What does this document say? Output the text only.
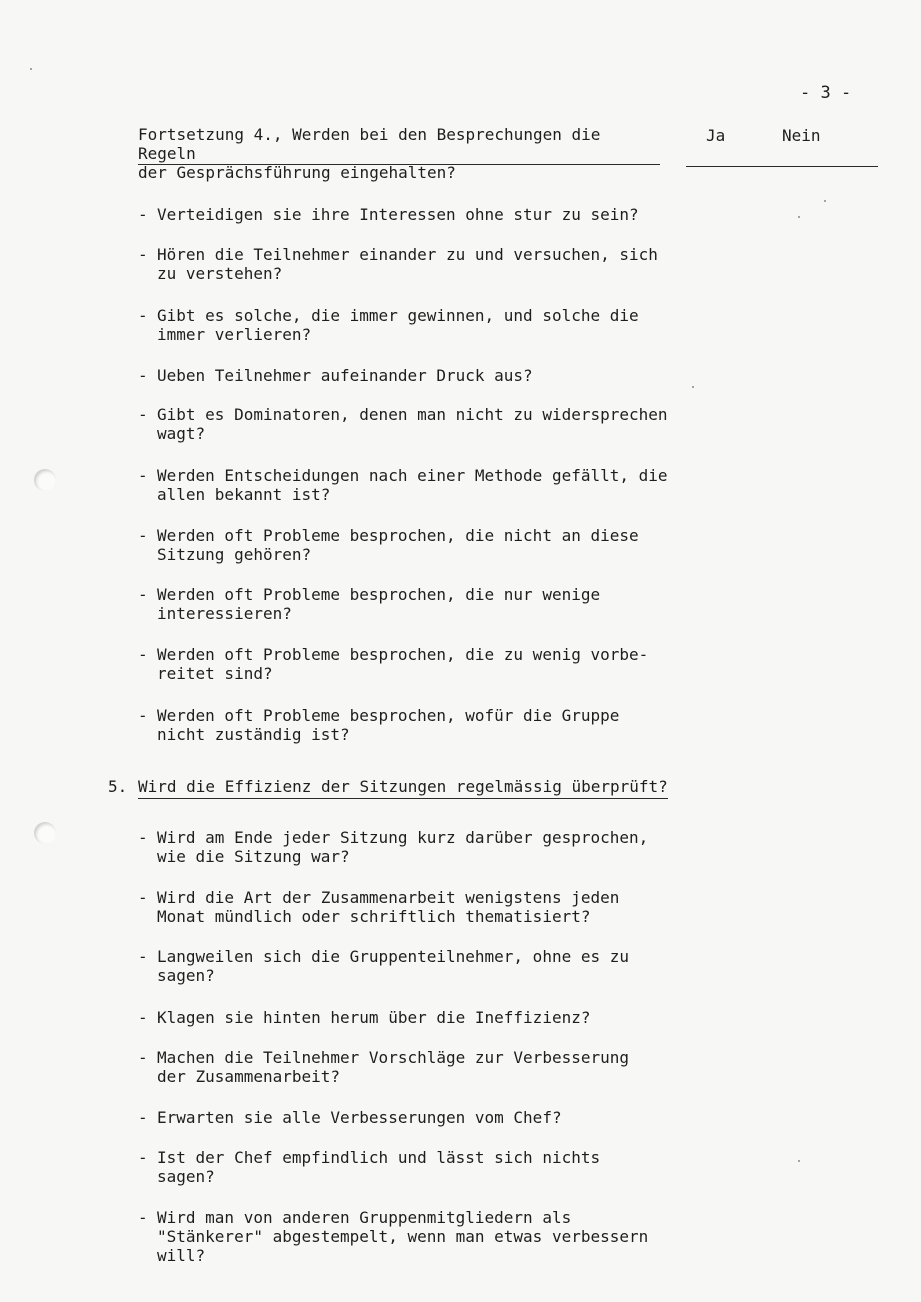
- 3 -
Fortsetzung 4., Werden bei den Besprechungen die Regeln
der Gesprächsführung eingehalten?
Ja	Nein
- Verteidigen sie ihre Interessen ohne stur zu sein?
- Hören die Teilnehmer einander zu und versuchen, sich
zu verstehen?
- Gibt es solche, die immer gewinnen, und solche die
immer verlieren?
- Ueben Teilnehmer aufeinander Druck aus?
- Gibt es Dominatoren, denen man nicht zu widersprechen
wagt?
- Werden Entscheidungen nach einer Methode gefällt, die
allen bekannt ist?
- Werden oft Probleme besprochen, die nicht an diese
Sitzung gehören?
- Werden oft Probleme besprochen, die nur wenige
interessieren?
- Werden oft Probleme besprochen, die zu wenig vorbe-
reitet sind?
- Werden oft Probleme besprochen, wofür die Gruppe
nicht zuständig ist?
5. Wird die Effizienz der Sitzungen regelmässig überprüft?
- Wird am Ende jeder Sitzung kurz darüber gesprochen,
wie die Sitzung war?
- Wird die Art der Zusammenarbeit wenigstens jeden
Monat mündlich oder schriftlich thematisiert?
- Langweilen sich die Gruppenteilnehmer, ohne es zu
sagen?
- Klagen sie hinten herum über die Ineffizienz?
- Machen die Teilnehmer Vorschläge zur Verbesserung
der Zusammenarbeit?
- Erwarten sie alle Verbesserungen vom Chef?
- Ist der Chef empfindlich und lässt sich nichts
sagen?
- Wird man von anderen Gruppenmitgliedern als
"Stänkerer" abgestempelt, wenn man etwas verbessern
will?
